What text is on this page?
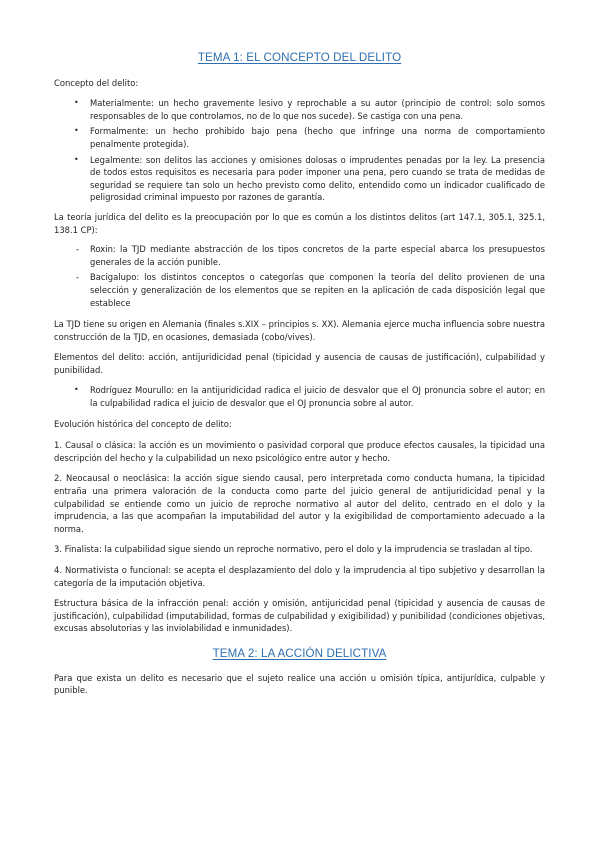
TEMA 1: EL CONCEPTO DEL DELITO

Concepto del delito:

• Materialmente: un hecho gravemente lesivo y reprochable a su autor (principio de control: solo somos responsables de lo que controlamos, no de lo que nos sucede). Se castiga con una pena.
• Formalmente: un hecho prohibido bajo pena (hecho que infringe una norma de comportamiento penalmente protegida).
• Legalmente: son delitos las acciones y omisiones dolosas o imprudentes penadas por la ley. La presencia de todos estos requisitos es necesaria para poder imponer una pena, pero cuando se trata de medidas de seguridad se requiere tan solo un hecho previsto como delito, entendido como un indicador cualificado de peligrosidad criminal impuesto por razones de garantía.

La teoría jurídica del delito es la preocupación por lo que es común a los distintos delitos (art 147.1, 305.1, 325.1, 138.1 CP):

- Roxin: la TJD mediante abstracción de los tipos concretos de la parte especial abarca los presupuestos generales de la acción punible.
- Bacigalupo: los distintos conceptos o categorías que componen la teoría del delito provienen de una selección y generalización de los elementos que se repiten en la aplicación de cada disposición legal que establece

La TJD tiene su origen en Alemania (finales s.XIX – principios s. XX). Alemania ejerce mucha influencia sobre nuestra construcción de la TJD, en ocasiones, demasiada (cobo/vives).

Elementos del delito: acción, antijuridicidad penal (tipicidad y ausencia de causas de justificación), culpabilidad y punibilidad.

• Rodríguez Mourullo: en la antijuridicidad radica el juicio de desvalor que el OJ pronuncia sobre el autor; en la culpabilidad radica el juicio de desvalor que el OJ pronuncia sobre al autor.

Evolución histórica del concepto de delito:

1. Causal o clásica: la acción es un movimiento o pasividad corporal que produce efectos causales, la tipicidad una descripción del hecho y la culpabilidad un nexo psicológico entre autor y hecho.

2. Neocausal o neoclásica: la acción sigue siendo causal, pero interpretada como conducta humana, la tipicidad entraña una primera valoración de la conducta como parte del juicio general de antijuridicidad penal y la culpabilidad se entiende como un juicio de reproche normativo al autor del delito, centrado en el dolo y la imprudencia, a las que acompañan la imputabilidad del autor y la exigibilidad de comportamiento adecuado a la norma.

3. Finalista: la culpabilidad sigue siendo un reproche normativo, pero el dolo y la imprudencia se trasladan al tipo.

4. Normativista o funcional: se acepta el desplazamiento del dolo y la imprudencia al tipo subjetivo y desarrollan la categoría de la imputación objetiva.

Estructura básica de la infracción penal: acción y omisión, antijuricidad penal (tipicidad y ausencia de causas de justificación), culpabilidad (imputabilidad, formas de culpabilidad y exigibilidad) y punibilidad (condiciones objetivas, excusas absolutorias y las inviolabilidad e inmunidades).

TEMA 2: LA ACCIÓN DELICTIVA

Para que exista un delito es necesario que el sujeto realice una acción u omisión típica, antijurídica, culpable y punible.
